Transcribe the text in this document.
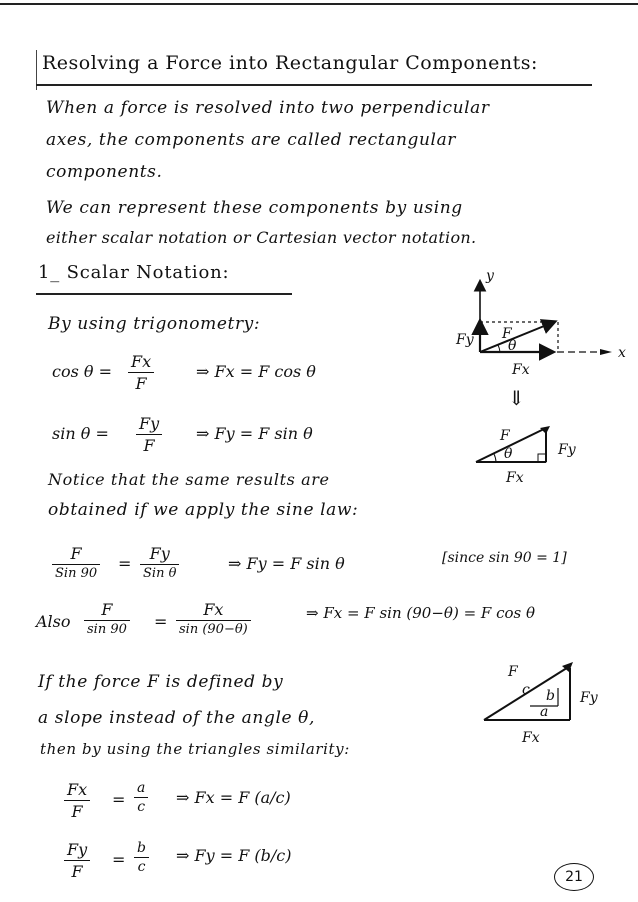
Resolving a Force into Rectangular Components:
When a force is resolved into two perpendicular
axes, the components are called rectangular
components.
We can represent these components by using
either scalar notation or Cartesian vector notation.
1_ Scalar Notation:
By using trigonometry:
cos θ =
Fx
F
⇒ Fx = F cos θ
sin θ =
Fy
F
⇒ Fy = F sin θ
Notice that the same results are
obtained if we apply the sine law:
F
Sin 90
=
Fy
Sin θ
⇒ Fy = F sin θ	[since sin 90 = 1]
Also
F
sin 90 =
Fx
sin (90−θ)
⇒ Fx = F sin (90−θ) = F cos θ
If the force F is defined by
a slope instead of the angle θ,
then by using the triangles similarity:
Fx
F
=
a
c
⇒ Fx = F (a/c)
Fy
F
=
b
c
⇒ Fy = F (b/c)
y
x
Fy F
θ
Fx
⇓
F
θ	Fy
Fx
F
b
a
c	Fy
Fx
21
